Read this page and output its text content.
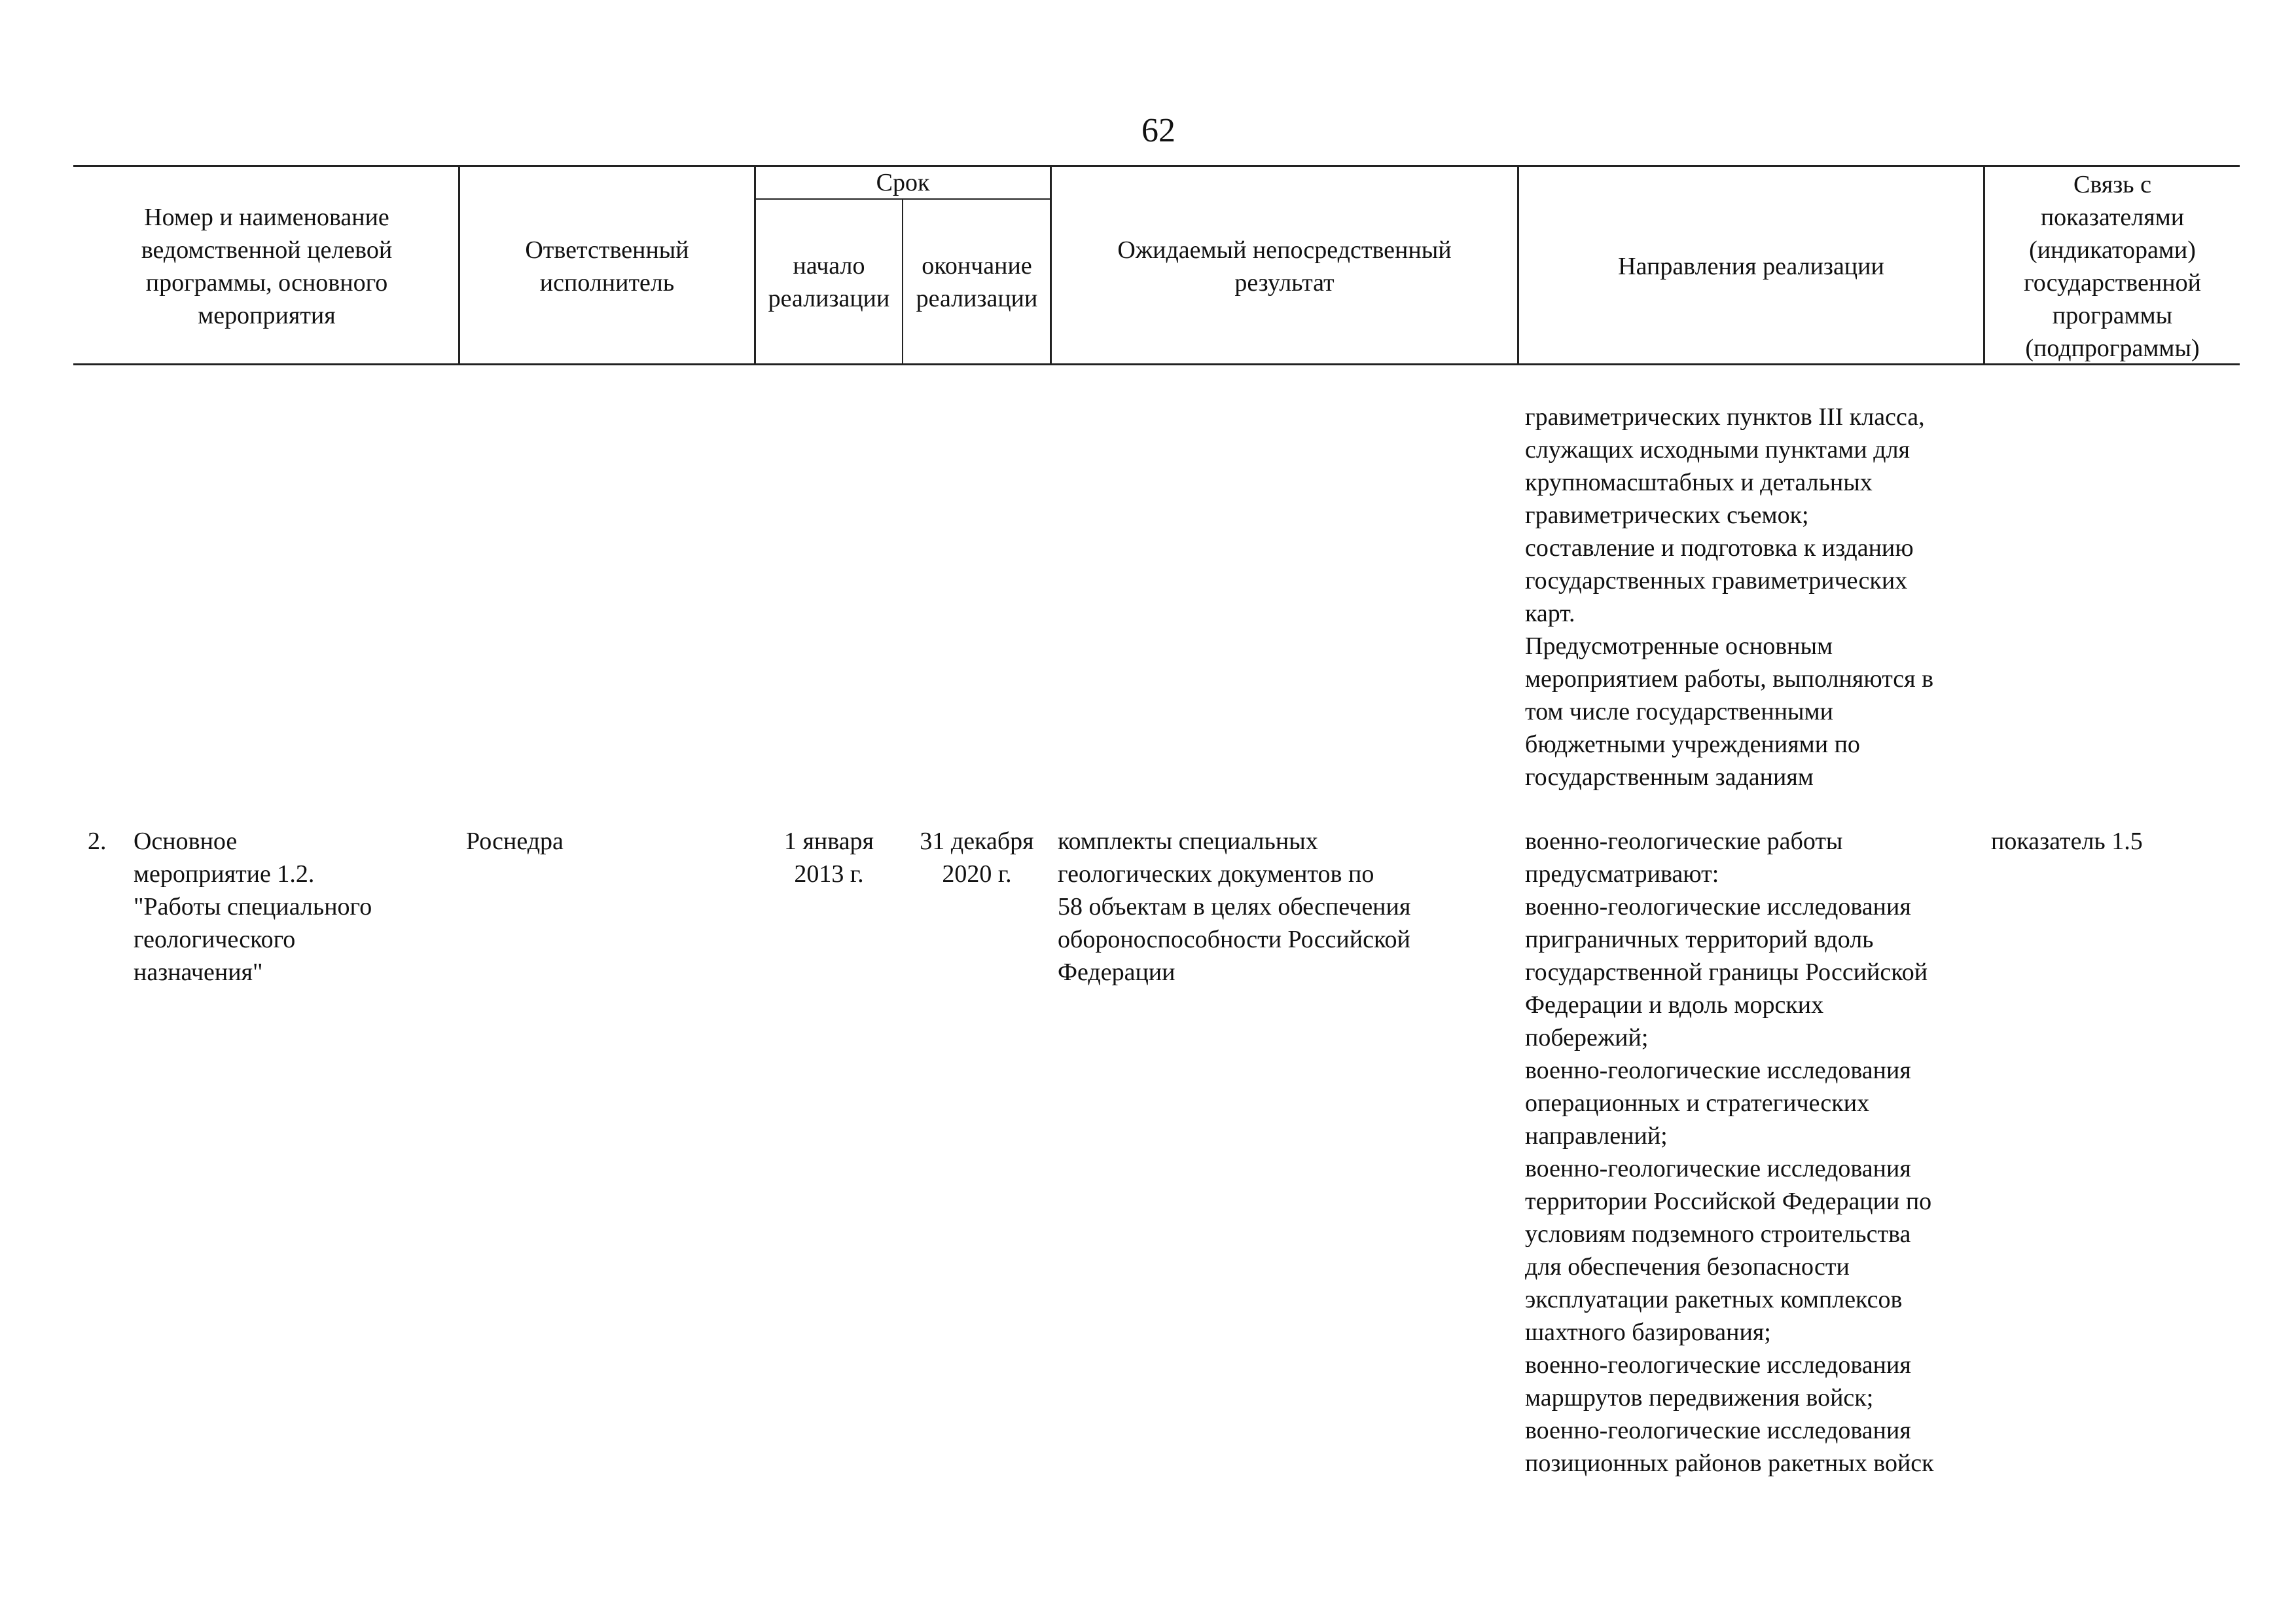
62
Номер и наименование
ведомственной целевой
программы, основного
мероприятия
Ответственный
исполнитель
Срок
начало
реализации
окончание
реализации
Ожидаемый непосредственный
результат
Направления реализации
Связь с
показателями
(индикаторами)
государственной
программы
(подпрограммы)
гравиметрических пунктов III класса,
служащих исходными пунктами для
крупномасштабных и детальных
гравиметрических съемок;
составление и подготовка к изданию
государственных гравиметрических
карт.
Предусмотренные основным
мероприятием работы, выполняются в
том числе государственными
бюджетными учреждениями по
государственным заданиям
2.	Основное
мероприятие 1.2.
"Работы специального
геологического
назначения"
Роснедра	1 января
2013 г.
31 декабря
2020 г.
комплекты специальных
геологических документов по
58 объектам в целях обеспечения
обороноспособности Российской
Федерации
военно-геологические работы
предусматривают:
военно-геологические исследования
приграничных территорий вдоль
государственной границы Российской
Федерации и вдоль морских
побережий;
военно-геологические исследования
операционных и стратегических
направлений;
военно-геологические исследования
территории Российской Федерации по
условиям подземного строительства
для обеспечения безопасности
эксплуатации ракетных комплексов
шахтного базирования;
военно-геологические исследования
маршрутов передвижения войск;
военно-геологические исследования
позиционных районов ракетных войск
показатель 1.5
